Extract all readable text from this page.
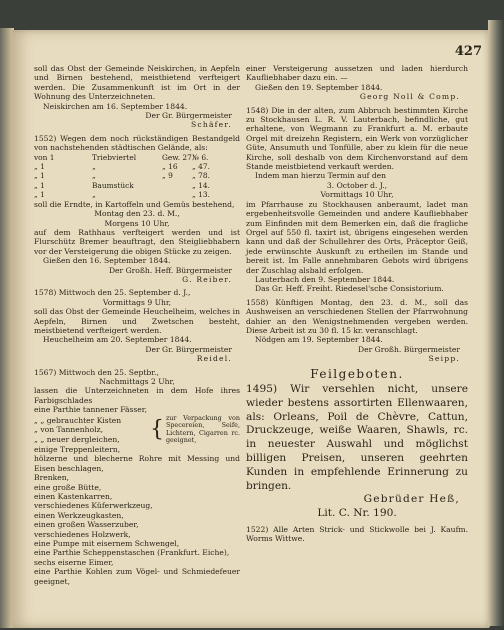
427

soll das Obst der Gemeinde Neiskirchen, in Aepfeln und Birnen bestehend, meistbietend verfteigert werden. Die Zusammenkunft ist im Ort in der Wohnung des Unterzeichneten.

Neiskirchen am 16. September 1844.

Der Gr. Bürgermeister

Schäfer.

1552) Wegen dem noch rückständigen Bestandgeld von nachstehenden städtischen Gelände, als:

von 1	Triebviertel	Gew. 27 № 6.
„ 1	„	„ 16	„ 47.
„ 1	„	„ 9	„ 78.
„ 1	Baumstück	„ 14.
„ 1	„	„ 13.

soll die Erndte, in Kartoffeln und Gemüs bestehend,

Montag den 23. d. M.,

Morgens 10 Uhr,

auf dem Rathhaus verfteigert werden und ist Flurschütz Bremer beauftragt, den Steigliebhabern vor der Versteigerung die obigen Stücke zu zeigen.

Gießen den 16. September 1844.

Der Großh. Heff. Bürgermeister

G. Reiber.

1578) Mittwoch den 25. September d. J.,

Vormittags 9 Uhr,

soll das Obst der Gemeinde Heuchelheim, welches in Aepfeln, Birnen und Zwetschen besteht, meistbietend verfteigert werden.

Heuchelheim am 20. September 1844.

Der Gr. Bürgermeister

Reidel.

1567) Mittwoch den 25. Septbr.,

Nachmittags 2 Uhr,

lassen die Unterzeichneten in dem Hofe ihres Farbigschlades

eine Parthie tannener Fässer,

„ „ gebrauchter Kisten

„ von Tannenholz,

„ „ neuer dergleichen,	{ zur Verpackung von Specereien, Seife, Lichtern, Cigarren rc. geeignet,

einige Treppenleitern,

hölzerne und blecherne Rohre mit Messing und Eisen beschlagen,

Brenken,

eine große Bütte,

einen Kastenkarren,

verschiedenes Küferwerkzeug,

einen Werkzeugkasten,

einen großen Wasserzuber,

verschiedenes Holzwerk,

eine Pumpe mit eisernem Schwengel,

eine Parthie Scheppenstaschen (Frankfurt. Eiche),

sechs eiserne Eimer,

eine Parthie Kohlen zum Vögel- und Schmiedefeuer geeignet,

einer Versteigerung aussetzen und laden hierdurch Kaufliebhaber dazu ein. —

Gießen den 19. September 1844.

Georg Noll & Comp.

1548) Die in der alten, zum Abbruch bestimmten Kirche zu Stockhausen L. R. V. Lauterbach, befindliche, gut erhaltene, von Wegmann zu Frankfurt a. M. erbaute Orgel mit dreizehn Registern, ein Werk von vorzüglicher Güte, Ansumuth und Tonfülle, aber zu klein für die neue Kirche, soll deshalb von dem Kirchenvorstand auf dem Stande meistbietend verkauft werden.

Indem man hierzu Termin auf den

3. October d. J.,

Vormittags 10 Uhr,

im Pfarrhause zu Stockhausen anberaumt, ladet man ergebenheitsvolle Gemeinden und andere Kaufliebhaber zum Einfinden mit dem Bemerken ein, daß die fragliche Orgel auf 550 fl. taxirt ist, übrigens eingesehen werden kann und daß der Schullehrer des Orts, Präceptor Geiß, jede erwünschte Auskunft zu ertheilen im Stande und bereit ist. Im Falle annehmbaren Gebots wird übrigens der Zuschlag alsbald erfolgen.

Lauterbach den 9. September 1844.

Das Gr. Heff. Freiht. Riedesel'sche Consistorium.

1558) Künftigen Montag, den 23. d. M., soll das Aushweisen an verschiedenen Stellen der Pfarrwohnung dahier an den Wenigstnehmenden vergeben werden. Diese Arbeit ist zu 30 fl. 15 kr. veranschlagt.

Nödgen am 19. September 1844.

Der Großh. Bürgermeister

Seipp.

Feilgeboten.

1495) Wir versehlen nicht, unsere wieder bestens assortirten Ellenwaaren, als: Orleans, Poil de Chèvre, Cattun, Druckzeuge, weiße Waaren, Shawls, rc. in neuester Auswahl und möglichst billigen Preisen, unseren geehrten Kunden in empfehlende Erinnerung zu bringen.

Gebrüder Heß,

Lit. C. Nr. 190.

1522) Alle Arten Strick- und Stickwolle bei J. Kaufm. Worms Wittwe.
